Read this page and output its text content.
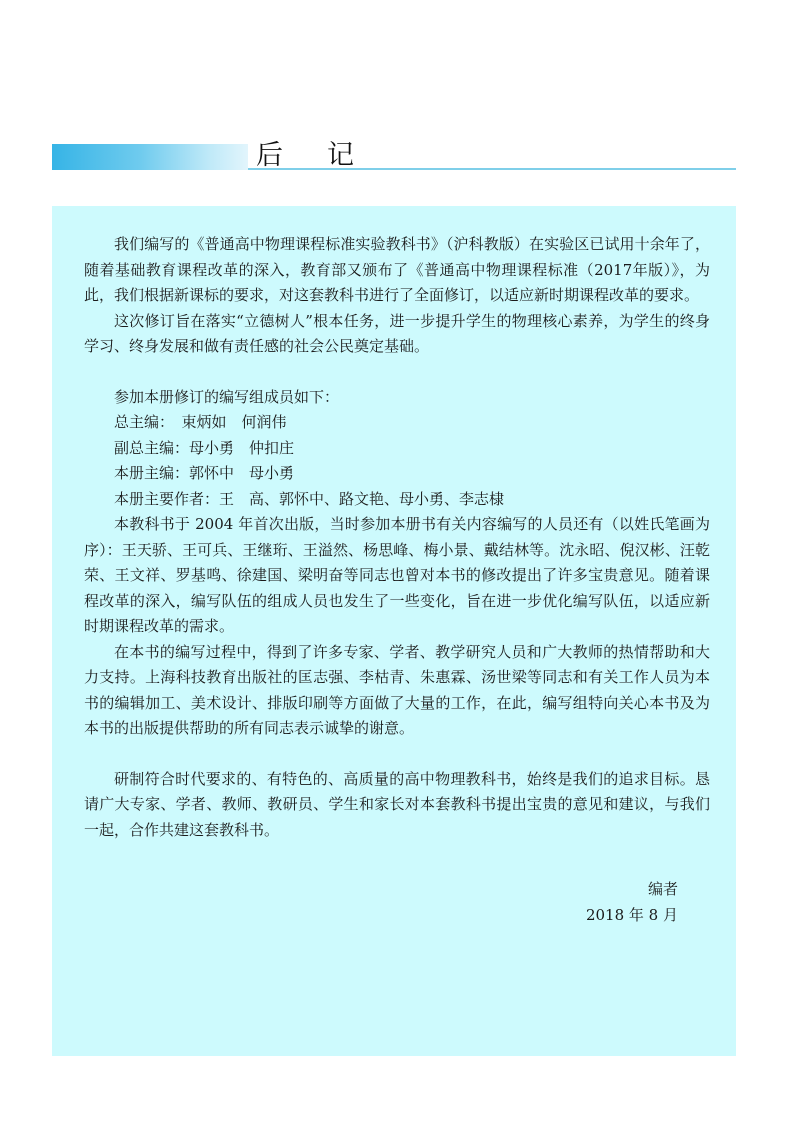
后记

我们编写的《普通高中物理课程标准实验教科书》（沪科教版）在实验区已试用十余年了，随着基础教育课程改革的深入，教育部又颁布了《普通高中物理课程标准（2017年版）》，为此，我们根据新课标的要求，对这套教科书进行了全面修订，以适应新时期课程改革的要求。

这次修订旨在落实“立德树人”根本任务，进一步提升学生的物理核心素养，为学生的终身学习、终身发展和做有责任感的社会公民奠定基础。

参加本册修订的编写组成员如下：

总主编：　束炳如　何润伟

副总主编：母小勇　仲扣庄

本册主编：郭怀中　母小勇

本册主要作者：王　高、郭怀中、路文艳、母小勇、李志棣

本教科书于 2004 年首次出版，当时参加本册书有关内容编写的人员还有（以姓氏笔画为序）：王天骄、王可兵、王继珩、王溢然、杨思峰、梅小景、戴结林等。沈永昭、倪汉彬、汪乾荣、王文祥、罗基鸣、徐建国、梁明奋等同志也曾对本书的修改提出了许多宝贵意见。随着课程改革的深入，编写队伍的组成人员也发生了一些变化，旨在进一步优化编写队伍，以适应新时期课程改革的需求。

在本书的编写过程中，得到了许多专家、学者、教学研究人员和广大教师的热情帮助和大力支持。上海科技教育出版社的匡志强、李枯青、朱惠霖、汤世梁等同志和有关工作人员为本书的编辑加工、美术设计、排版印刷等方面做了大量的工作，在此，编写组特向关心本书及为本书的出版提供帮助的所有同志表示诚挚的谢意。

研制符合时代要求的、有特色的、高质量的高中物理教科书，始终是我们的追求目标。恳请广大专家、学者、教师、教研员、学生和家长对本套教科书提出宝贵的意见和建议，与我们一起，合作共建这套教科书。

编者
2018 年 8 月
